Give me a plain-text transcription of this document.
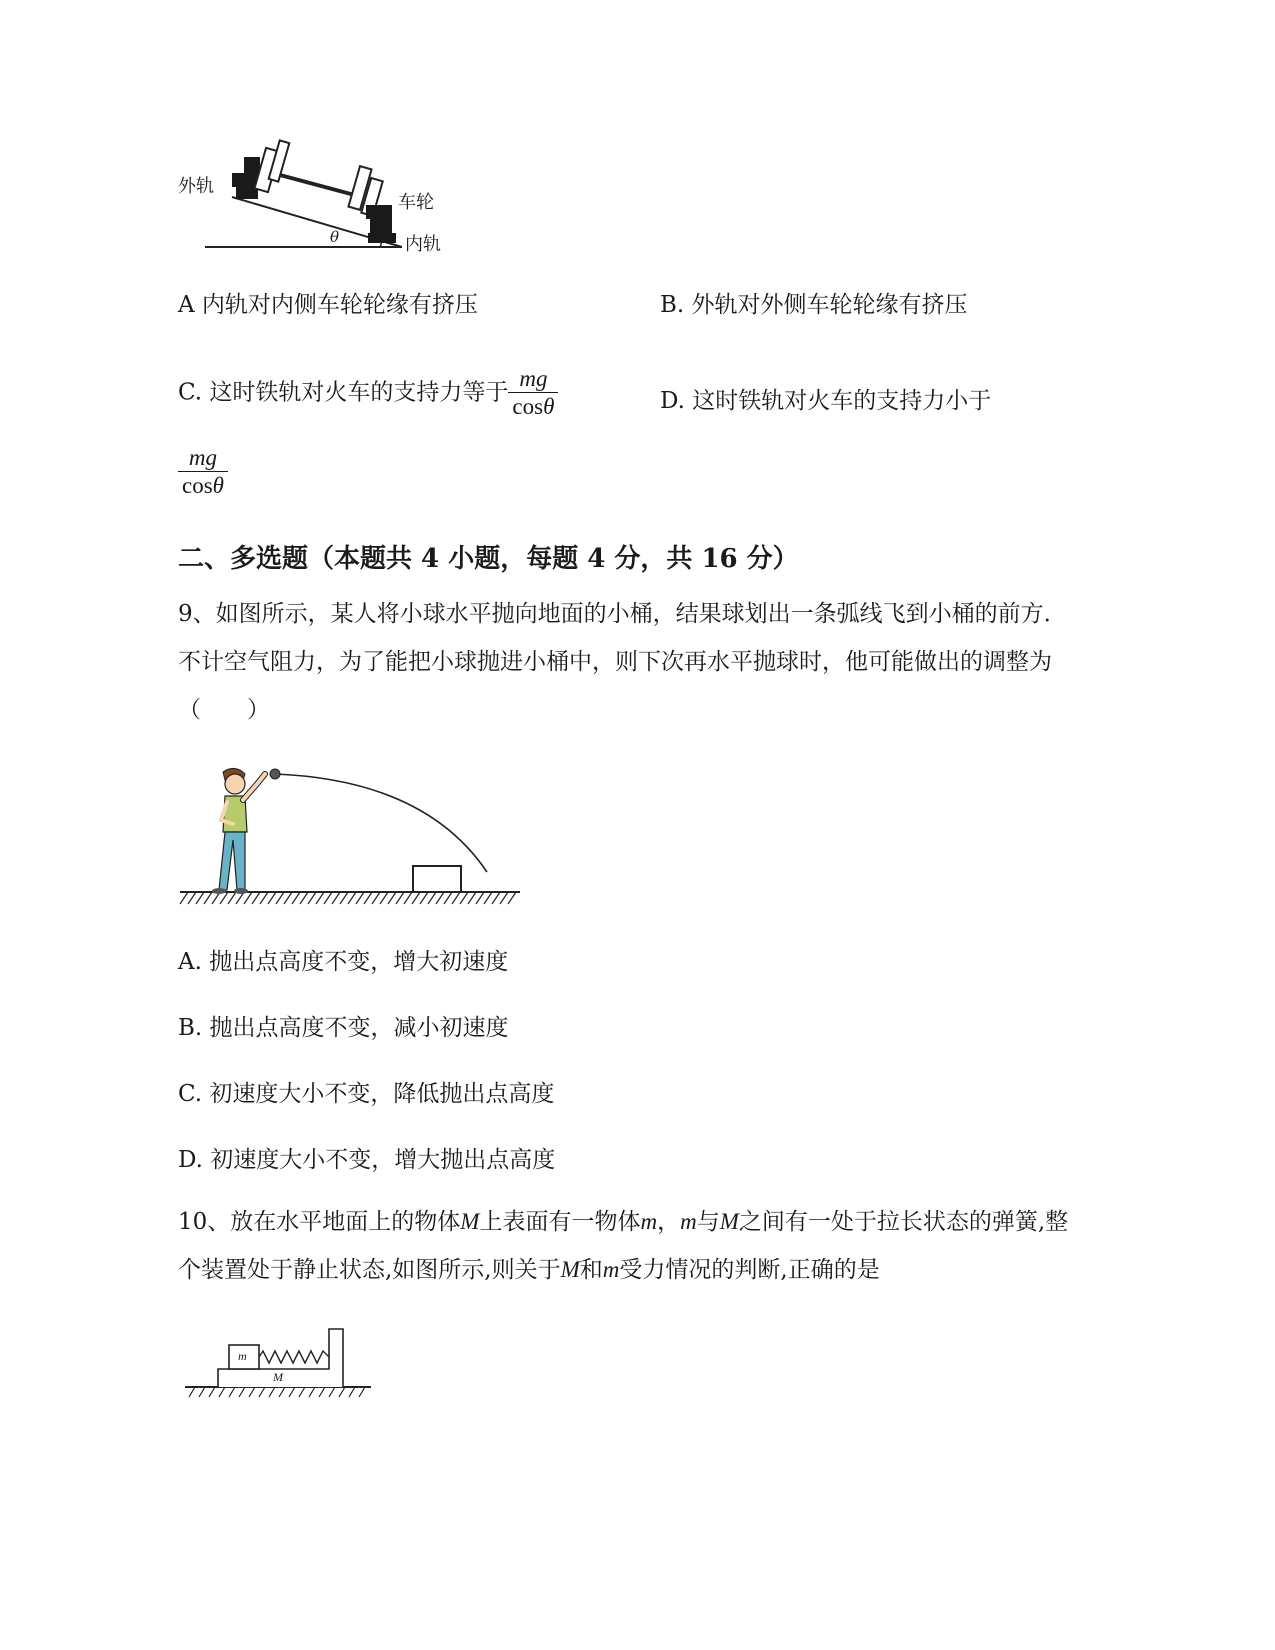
外轨
车轮
内轨
θ
A 内轨对内侧车轮轮缘有挤压	B. 外轨对外侧车轮轮缘有挤压
C. 这时铁轨对火车的支持力等于 $\frac{mg}{\cos\theta}$	D. 这时铁轨对火车的支持力小于
$\frac{mg}{\cos\theta}$
二、多选题（本题共 4 小题，每题 4 分，共 16 分）
9、如图所示，某人将小球水平抛向地面的小桶，结果球划出一条弧线飞到小桶的前方．不计空气阻力，为了能把小球抛进小桶中，则下次再水平抛球时，他可能做出的调整为　（　　）
A. 抛出点高度不变，增大初速度
B. 抛出点高度不变，减小初速度
C. 初速度大小不变，降低抛出点高度
D. 初速度大小不变，增大抛出点高度
10、放在水平地面上的物体M上表面有一物体m，m与M之间有一处于拉长状态的弹簧,整个装置处于静止状态,如图所示,则关于M和m受力情况的判断,正确的是
m
M
